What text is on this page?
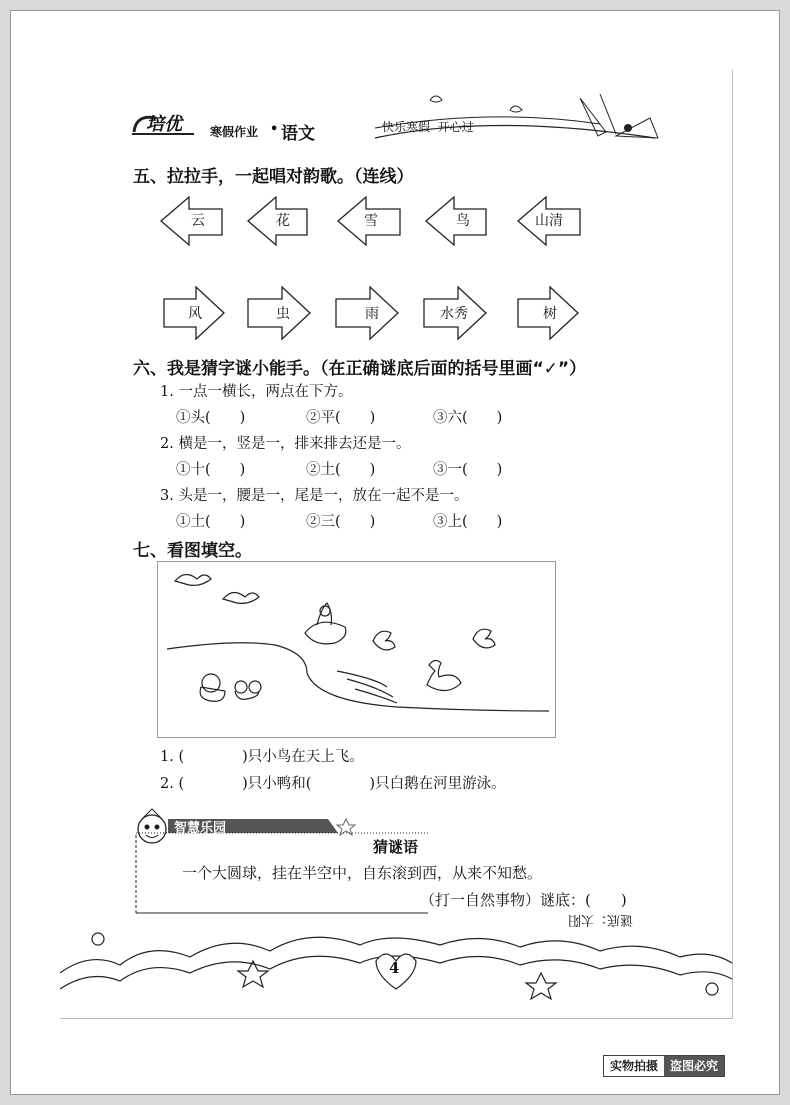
培优 寒假作业 • 语文	快乐寒假  开心过
五、拉拉手，一起唱对韵歌。（连线）
云	花	雪	鸟	山清
风	虫	雨	水秀	树
六、我是猜字谜小能手。（在正确谜底后面的括号里画“✓”）
1. 一点一横长，两点在下方。
①头(　　)	②平(　　)	③六(　　)
2. 横是一，竖是一，排来排去还是一。
①十(　　)	②土(　　)	③一(　　)
3. 头是一，腰是一，尾是一，放在一起不是一。
①土(　　)	②三(　　)	③上(　　)
七、看图填空。
1. (　　　　)只小鸟在天上飞。
2. (　　　　)只小鸭和(　　　　)只白鹅在河里游泳。
智慧乐园
猜谜语
一个大圆球，挂在半空中，自东滚到西，从来不知愁。
（打一自然事物）谜底：(　　)
谜底：太阳
4
实物拍摄	盗图必究
